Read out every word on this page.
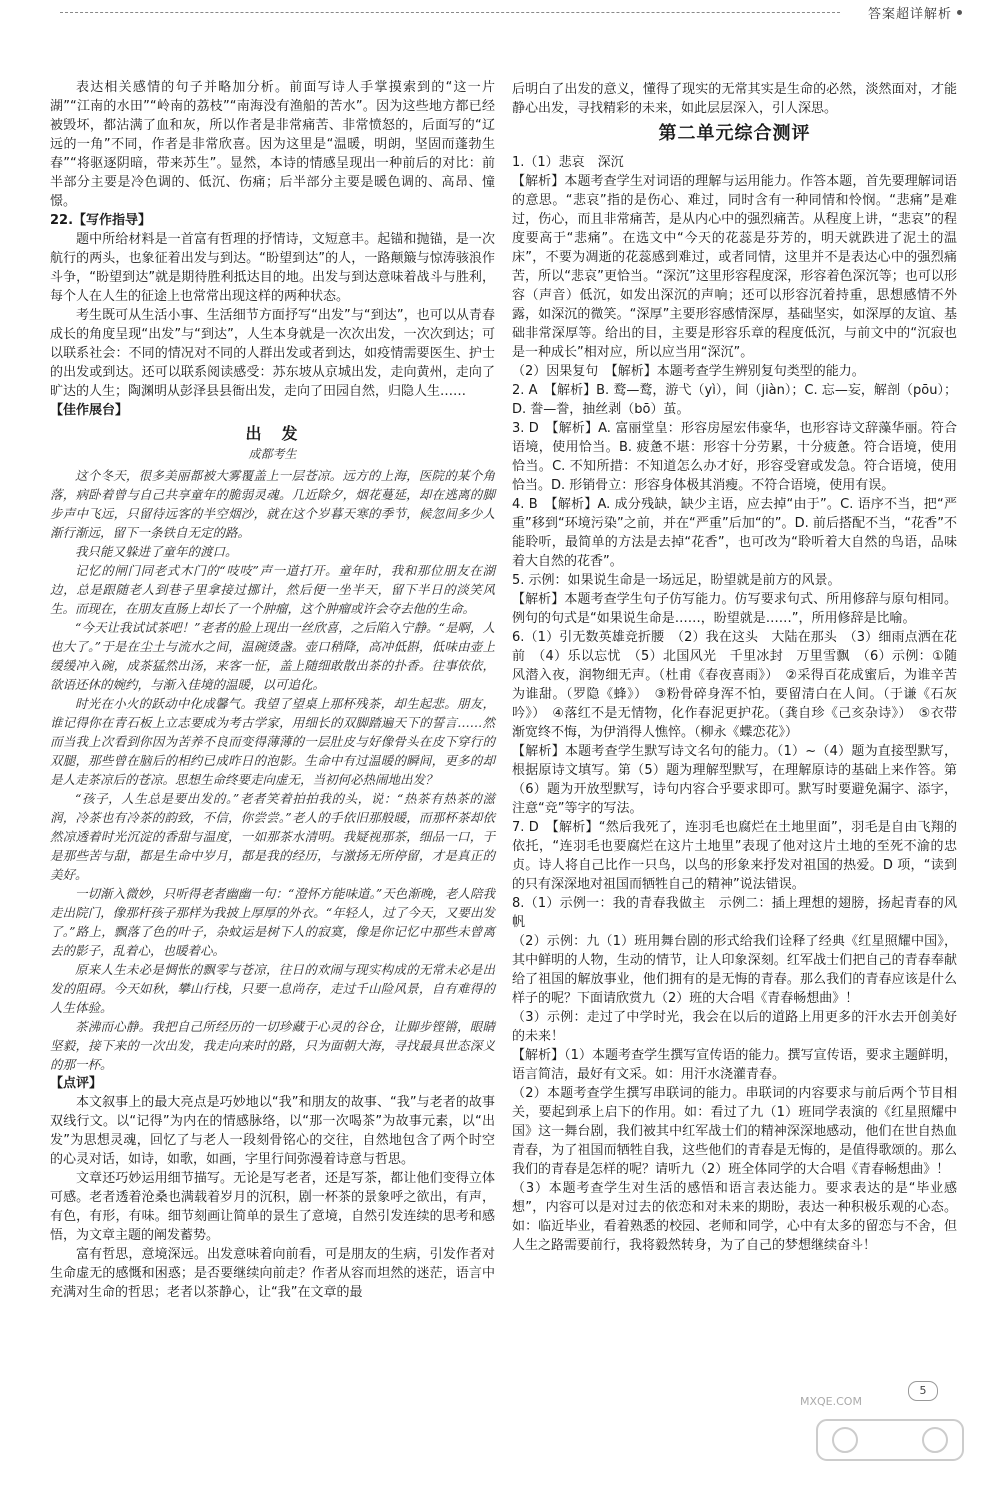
答案超详解析

表达相关感情的句子并略加分析。前面写诗人手掌摸索到的“这一片湖”“江南的水田”“岭南的荔枝”“南海没有渔船的苦水”。因为这些地方都已经被毁坏，都沾满了血和灰，所以作者是非常痛苦、非常愤怒的，后面写的“辽远的一角”不同，作者是非常欣喜。因为这里是“温暖，明朗，坚固而蓬勃生春”“将驱逐阴暗，带来苏生”。显然，本诗的情感呈现出一种前后的对比：前半部分主要是冷色调的、低沉、伤痛；后半部分主要是暖色调的、高昂、憧憬。

22.【写作指导】

题中所给材料是一首富有哲理的抒情诗，文短意丰。起锚和抛锚，是一次航行的两头，也象征着出发与到达。“盼望到达”的人，一路颠簸与惊涛骇浪作斗争，“盼望到达”就是期待胜利抵达目的地。出发与到达意味着战斗与胜利，每个人在人生的征途上也常常出现这样的两种状态。

考生既可从生活小事、生活细节方面抒写“出发”与“到达”，也可以从青春成长的角度呈现“出发”与“到达”，人生本身就是一次次出发，一次次到达；可以联系社会：不同的情况对不同的人群出发或者到达，如疫情需要医生、护士的出发或到达。还可以联系阅读感受：苏东坡从京城出发，走向黄州，走向了旷达的人生；陶渊明从彭泽县县衙出发，走向了田园自然，归隐人生……

【佳作展台】

出　发
成都考生

这个冬天，很多美丽都被大雾覆盖上一层苍凉。远方的上海，医院的某个角落，病卧着曾与自己共享童年的脆弱灵魂。几近除夕，烟花蔓延，却在逃离的脚步声中飞远，只留待远客的半空烟沙，就在这个岁暮天寒的季节，候忽间多少人渐行渐远，留下一条铁自无定的路。

我只能又躲进了童年的渡口。

记忆的闸门同老式木门的“吱吱”声一道打开。童年时，我和那位朋友在湖边，总是跟随老人到巷子里拿接过挪计，然后便一坐半天，留下半日的淡笑风生。而现在，在朋友直肠上却长了一个肿瘤，这个肿瘤或许会夺去他的生命。

“今天让我试试茶吧！”老者的脸上现出一丝欣喜，之后陷入宁静。“是啊，人也大了。”于是在尘土与流水之间，温碗烫盏。壶口稍降，高冲低斟，低味由壶上缓缓冲入碗，成茶猛然出汤，来客一怔，盖上随细敢散出茶的扑香。往事依依，欲语还休的婉约，与渐入佳境的温暖，以可追化。

时光在小火的跃动中化成馨气。我望了望桌上那杯残茶，却生起悲。朋友，谁记得你在青石板上立志要成为考古学家，用细长的双脚踏遍天下的誓言……然而当我上次看到你因为苦养不良而变得薄薄的一层肚皮与好像骨头在皮下穿行的双腿，那些曾在脑后的相约已成昨日的泡影。生命中有过温暖的瞬间，更多的却是人走茶凉后的苍凉。思想生命终要走向虚无，当初何必热闹地出发？

“孩子，人生总是要出发的。”老者笑着拍拍我的头，说：“热茶有热茶的滋润，冷茶也有冷茶的韵致，不信，你尝尝。”老人的手依旧那般暖，而那杯茶却依然凉透着时光沉淀的香甜与温度，一如那茶水清明。我疑视那茶，细品一口，于是那些苦与甜，都是生命中岁月，都是我的经历，与激扬无所停留，才是真正的美好。

一切渐入微妙，只听得老者幽幽一句：“澄怀方能味道。”天色渐晚，老人陪我走出院门，像那杆孩子那样为我披上厚厚的外衣。“年轻人，过了今天，又要出发了。”路上，飘落了色的叶子，杂蚊运是树下人的寂寞，像是你记忆中那些未曾离去的影子，乱着心，也暖着心。

原来人生未必是惆怅的飘零与苍凉，往日的欢闹与现实构成的无常未必是出发的阻碍。今天如秋，攀山行栈，只要一息尚存，走过千山险风景，自有难得的人生体验。

茶沸而心静。我把自己所经历的一切珍藏于心灵的谷仓，让脚步铿锵，眼睛坚毅，接下来的一次出发，我走向来时的路，只为面朝大海，寻找最具世态深义的那一杯。

【点评】

本文叙事上的最大亮点是巧妙地以“我”和朋友的故事、“我”与老者的故事双线行文。以“记得”为内在的情感脉络，以“那一次喝茶”为故事元素，以“出发”为思想灵魂，回忆了与老人一段刻骨铭心的交往，自然地包含了两个时空的心灵对话，如诗，如歌，如画，字里行间弥漫着诗意与哲思。

文章还巧妙运用细节描写。无论是写老者，还是写茶，都让他们变得立体可感。老者透着沧桑也满载着岁月的沉积，剧一杯茶的景象呼之欲出，有声，有色，有形，有味。细节刻画让简单的景生了意境，自然引发连续的思考和感悟，为文章主题的阐发蓄势。

富有哲思，意境深远。出发意味着向前看，可是朋友的生病，引发作者对生命虚无的感慨和困惑；是否要继续向前走？作者从容而坦然的迷茫，语言中充满对生命的哲思；老者以茶静心，让“我”在文章的最

后明白了出发的意义，懂得了现实的无常其实是生命的必然，淡然面对，才能静心出发，寻找精彩的未来，如此层层深入，引人深思。

第二单元综合测评

1.（1）悲哀　深沉

【解析】本题考查学生对词语的理解与运用能力。作答本题，首先要理解词语的意思。“悲哀”指的是伤心、难过，同时含有一种同情和怜悯。“悲痛”是难过，伤心，而且非常痛苦，是从内心中的强烈痛苦。从程度上讲，“悲哀”的程度要高于“悲痛”。在选文中“今天的花蕊是芬芳的，明天就跌进了泥土的温床”，不要为凋逝的花蕊感到难过，或者同情，这里并不是表达心中的强烈痛苦，所以“悲哀”更恰当。“深沉”这里形容程度深，形容着色深沉等；也可以形容（声音）低沉，如发出深沉的声响；还可以形容沉着持重，思想感情不外露，如深沉的微笑。“深厚”主要形容感情深厚，基础坚实，如深厚的友谊、基础非常深厚等。给出的目，主要是形容乐章的程度低沉，与前文中的“沉寂也是一种成长”相对应，所以应当用“深沉”。

（2）因果复句　【解析】本题考查学生辨别复句类型的能力。

2. A　【解析】B. 鹜—鹜，游弋（yì），间（jiàn）；C. 忘—妄，解剖（pōu）；D. 誊—誊，抽丝剥（bō）茧。

3. D　【解析】A. 富丽堂皇：形容房屋宏伟豪华，也形容诗文辞藻华丽。符合语境，使用恰当。B. 疲惫不堪：形容十分劳累，十分疲惫。符合语境，使用恰当。C. 不知所措：不知道怎么办才好，形容受窘或发急。符合语境，使用恰当。D. 形销骨立：形容身体极其消瘦。不符合语境，使用有误。

4. B　【解析】A. 成分残缺，缺少主语，应去掉“由于”。C. 语序不当，把“严重”移到“环境污染”之前，并在“严重”后加“的”。D. 前后搭配不当，“花香”不能聆听，最简单的方法是去掉“花香”，也可改为“聆听着大自然的鸟语，品味着大自然的花香”。

5. 示例：如果说生命是一场远足，盼望就是前方的风景。

【解析】本题考查学生句子仿写能力。仿写要求句式、所用修辞与原句相同。例句的句式是“如果说生命是……，盼望就是……”，所用修辞是比喻。

6.（1）引无数英雄竞折腰　（2）我在这头　大陆在那头　（3）细雨点洒在花前　（4）乐以忘忧　（5）北国风光　千里冰封　万里雪飘　（6）示例：①随风潜入夜，润物细无声。（杜甫《春夜喜雨》）　②采得百花成蜜后，为谁辛苦为谁甜。（罗隐《蜂》）　③粉骨碎身浑不怕，要留清白在人间。（于谦《石灰吟》）　④落红不是无情物，化作春泥更护花。（龚自珍《己亥杂诗》）　⑤衣带渐宽终不悔，为伊消得人憔悴。（柳永《蝶恋花》）

【解析】本题考查学生默写诗文名句的能力。（1）~（4）题为直接型默写，根据原诗文填写。第（5）题为理解型默写，在理解原诗的基础上来作答。第（6）题为开放型默写，诗句内容合乎要求即可。默写时要避免漏字、添字，注意“竞”等字的写法。

7. D　【解析】“然后我死了，连羽毛也腐烂在土地里面”，羽毛是自由飞翔的依托，“连羽毛也要腐烂在这片土地里”表现了他对这片土地的至死不渝的忠贞。诗人将自己比作一只鸟，以鸟的形象来抒发对祖国的热爱。D 项，“读到的只有深深地对祖国而牺牲自己的精神”说法错误。

8.（1）示例一：我的青春我做主　示例二：插上理想的翅膀，扬起青春的风帆

（2）示例：九（1）班用舞台剧的形式给我们诠释了经典《红星照耀中国》，其中鲜明的人物，生动的情节，让人印象深刻。红军战士们把自己的青春奉献给了祖国的解放事业，他们拥有的是无悔的青春。那么我们的青春应该是什么样子的呢？下面请欣赏九（2）班的大合唱《青春畅想曲》！

（3）示例：走过了中学时光，我会在以后的道路上用更多的汗水去开创美好的未来！

【解析】（1）本题考查学生撰写宣传语的能力。撰写宣传语，要求主题鲜明，语言简洁，最好有文采。如：用汗水浇灌青春。

（2）本题考查学生撰写串联词的能力。串联词的内容要求与前后两个节目相关，要起到承上启下的作用。如：看过了九（1）班同学表演的《红星照耀中国》这一舞台剧，我们被其中红军战士们的精神深深地感动，他们在世自热血青春，为了祖国而牺牲自我，这些他们的青春是无悔的，是值得歌颂的。那么我们的青春是怎样的呢？请听九（2）班全体同学的大合唱《青春畅想曲》！

（3）本题考查学生对生活的感悟和语言表达能力。要求表达的是“毕业感想”，内容可以是对过去的依恋和对未来的期盼，表达一种积极乐观的心态。如：临近毕业，看着熟悉的校园、老师和同学，心中有太多的留恋与不舍，但人生之路需要前行，我将毅然转身，为了自己的梦想继续奋斗！

5
MXQE.COM
